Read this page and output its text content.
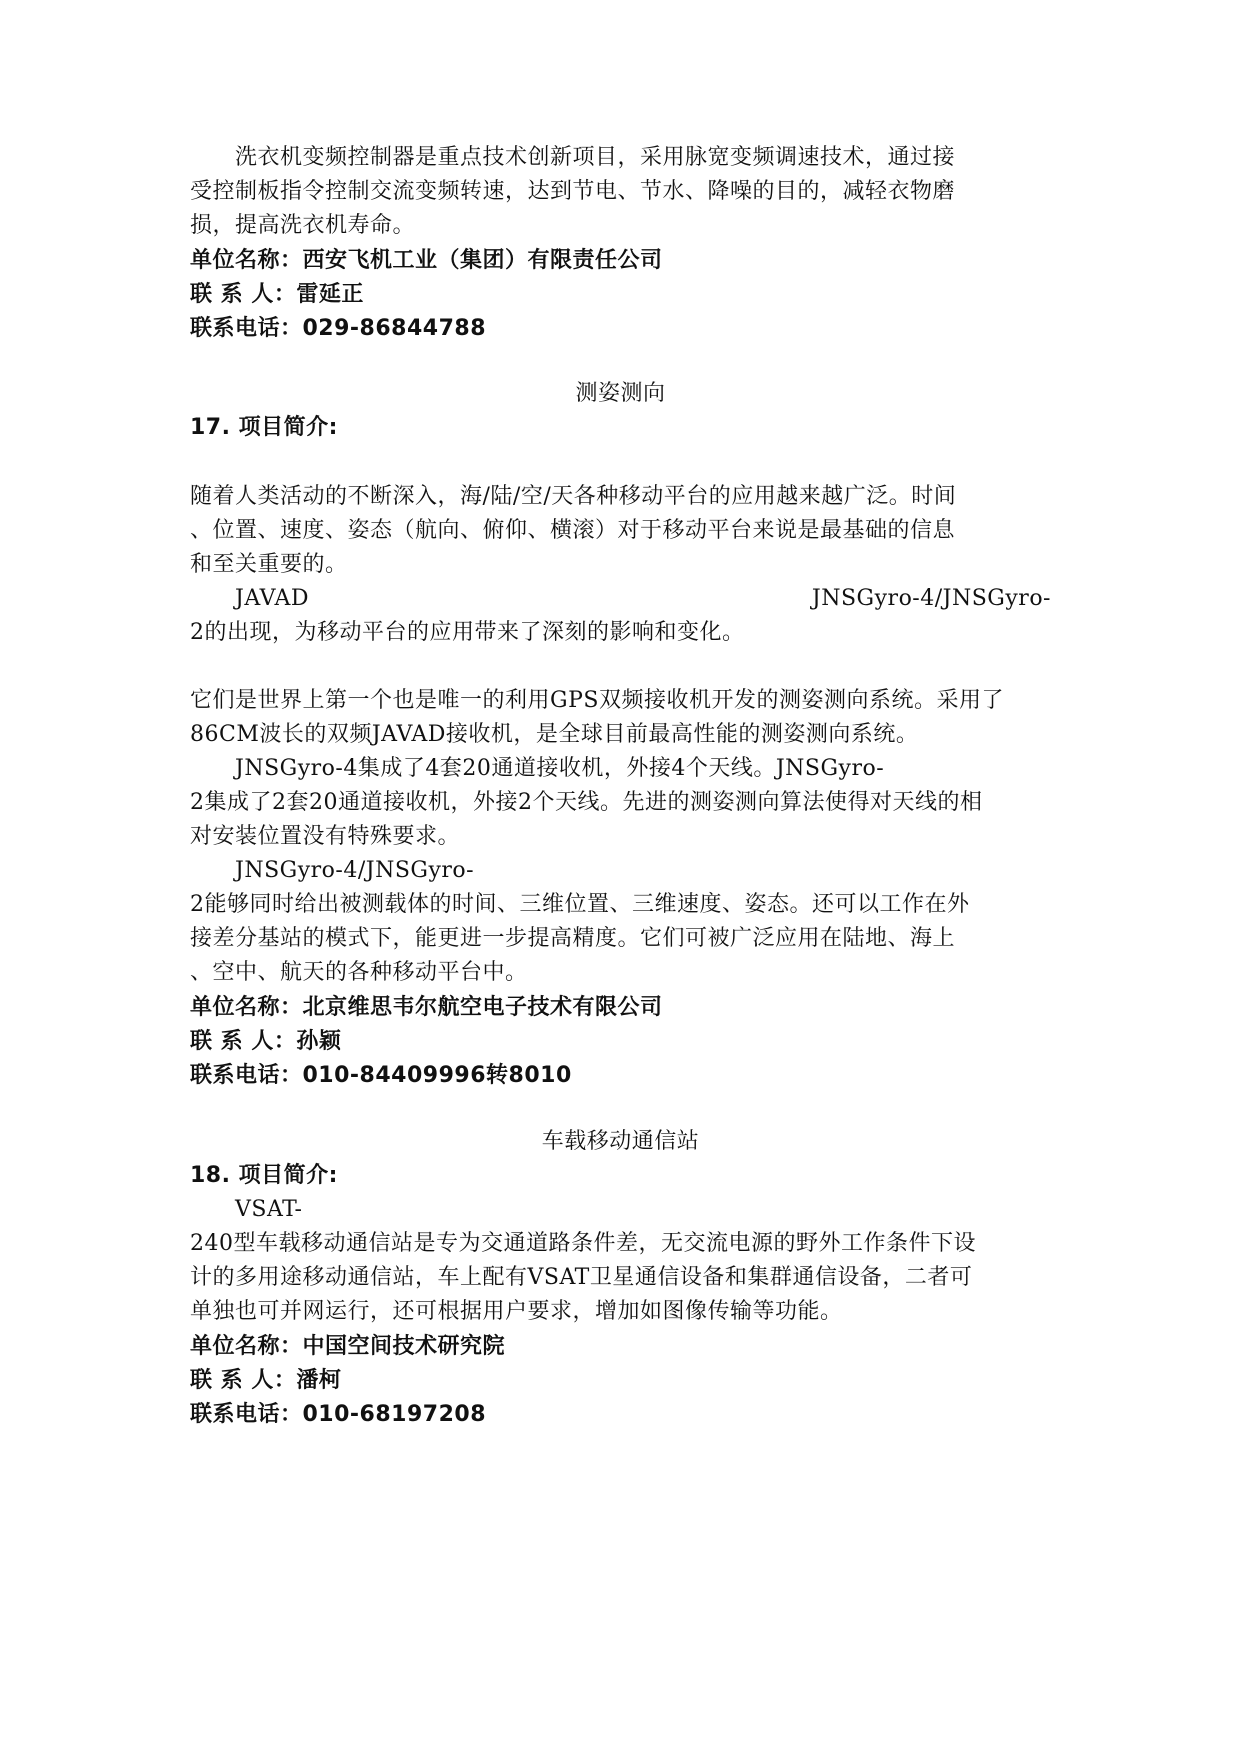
洗衣机变频控制器是重点技术创新项目，采用脉宽变频调速技术，通过接
受控制板指令控制交流变频转速，达到节电、节水、降噪的目的，减轻衣物磨
损，提高洗衣机寿命。
单位名称：西安飞机工业（集团）有限责任公司
联 系 人：雷延正
联系电话：029-86844788
测姿测向
17. 项目简介:
随着人类活动的不断深入，海/陆/空/天各种移动平台的应用越来越广泛。时间
、位置、速度、姿态（航向、俯仰、横滚）对于移动平台来说是最基础的信息
和至关重要的。
JAVAD	JNSGyro-4/JNSGyro-
2的出现，为移动平台的应用带来了深刻的影响和变化。
它们是世界上第一个也是唯一的利用GPS双频接收机开发的测姿测向系统。采用了
86CM波长的双频JAVAD接收机，是全球目前最高性能的测姿测向系统。
JNSGyro-4集成了4套20通道接收机，外接4个天线。JNSGyro-
2集成了2套20通道接收机，外接2个天线。先进的测姿测向算法使得对天线的相
对安装位置没有特殊要求。
JNSGyro-4/JNSGyro-
2能够同时给出被测载体的时间、三维位置、三维速度、姿态。还可以工作在外
接差分基站的模式下，能更进一步提高精度。它们可被广泛应用在陆地、海上
、空中、航天的各种移动平台中。
单位名称：北京维思韦尔航空电子技术有限公司
联 系 人：孙颖
联系电话：010-84409996转8010
车载移动通信站
18. 项目简介:
VSAT-
240型车载移动通信站是专为交通道路条件差，无交流电源的野外工作条件下设
计的多用途移动通信站，车上配有VSAT卫星通信设备和集群通信设备，二者可
单独也可并网运行，还可根据用户要求，增加如图像传输等功能。
单位名称：中国空间技术研究院
联 系 人：潘柯
联系电话：010-68197208
